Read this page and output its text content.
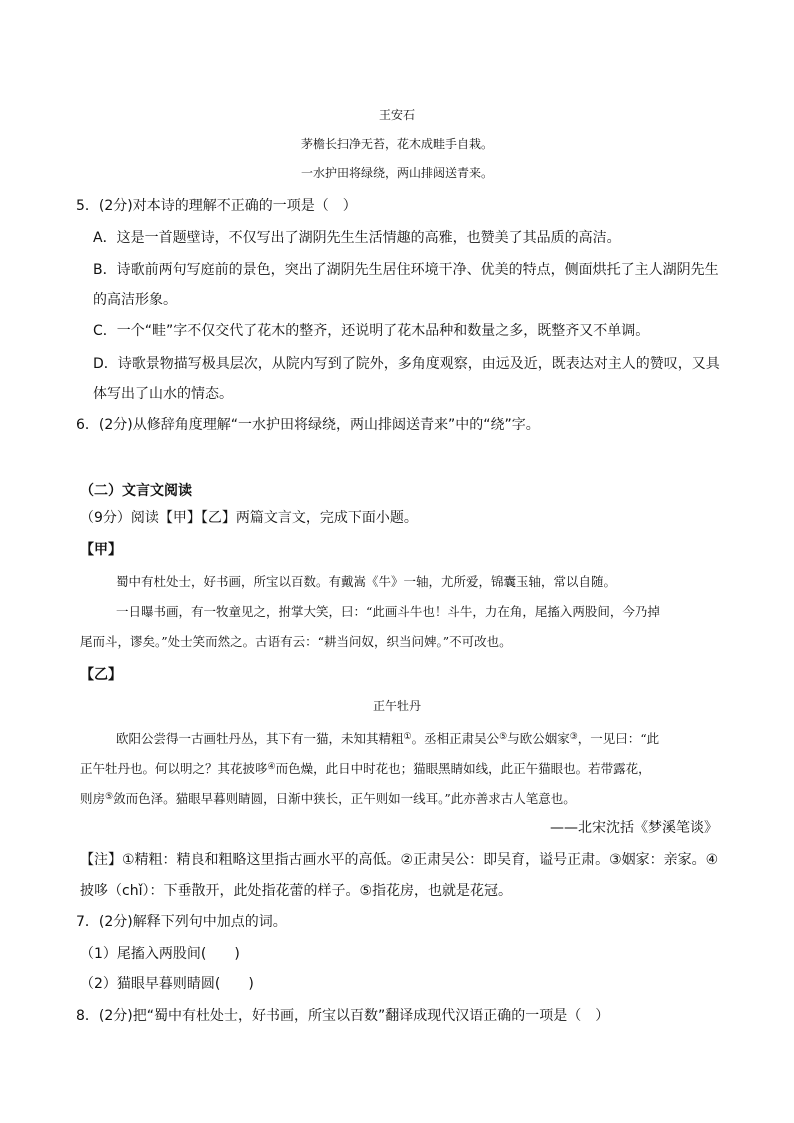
王安石
茅檐长扫净无苔，花木成畦手自栽。
一水护田将绿绕，两山排闼送青来。
5．(2分)对本诗的理解不正确的一项是（　）
A．这是一首题壁诗，不仅写出了湖阴先生生活情趣的高雅，也赞美了其品质的高洁。
B．诗歌前两句写庭前的景色，突出了湖阴先生居住环境干净、优美的特点，侧面烘托了主人湖阴先生
的高洁形象。
C．一个“畦”字不仅交代了花木的整齐，还说明了花木品种和数量之多，既整齐又不单调。
D．诗歌景物描写极具层次，从院内写到了院外，多角度观察，由远及近，既表达对主人的赞叹，又具
体写出了山水的情态。
6．(2分)从修辞角度理解“一水护田将绿绕，两山排闼送青来”中的“绕”字。
（二）文言文阅读
（9分）阅读【甲】【乙】两篇文言文，完成下面小题。
【甲】
蜀中有杜处士，好书画，所宝以百数。有戴嵩《牛》一轴，尤所爱，锦囊玉轴，常以自随。
一日曝书画，有一牧童见之，拊掌大笑，曰：“此画斗牛也！斗牛，力在角，尾搐入两股间，今乃掉
尾而斗，谬矣。”处士笑而然之。古语有云：“耕当问奴，织当问婢。”不可改也。
【乙】
正午牡丹
欧阳公尝得一古画牡丹丛，其下有一猫，未知其精粗①。丞相正肃吴公⑤与欧公姻家③，一见曰：“此
正午牡丹也。何以明之？其花披哆④而色燥，此日中时花也；猫眼黑睛如线，此正午猫眼也。若带露花，
则房⑤敛而色泽。猫眼早暮则睛圆，日渐中狭长，正午则如一线耳。”此亦善求古人笔意也。
——北宋沈括《梦溪笔谈》
【注】①精粗：精良和粗略这里指古画水平的高低。②正肃吴公：即吴育，谥号正肃。③姻家：亲家。④
披哆（chǐ）：下垂散开，此处指花蕾的样子。⑤指花房，也就是花冠。
7．(2分)解释下列句中加点的词。
（1）尾搐入两股间(　　)
（2）猫眼早暮则睛圆(　　)
8．(2分)把“蜀中有杜处士，好书画，所宝以百数”翻译成现代汉语正确的一项是（　）
